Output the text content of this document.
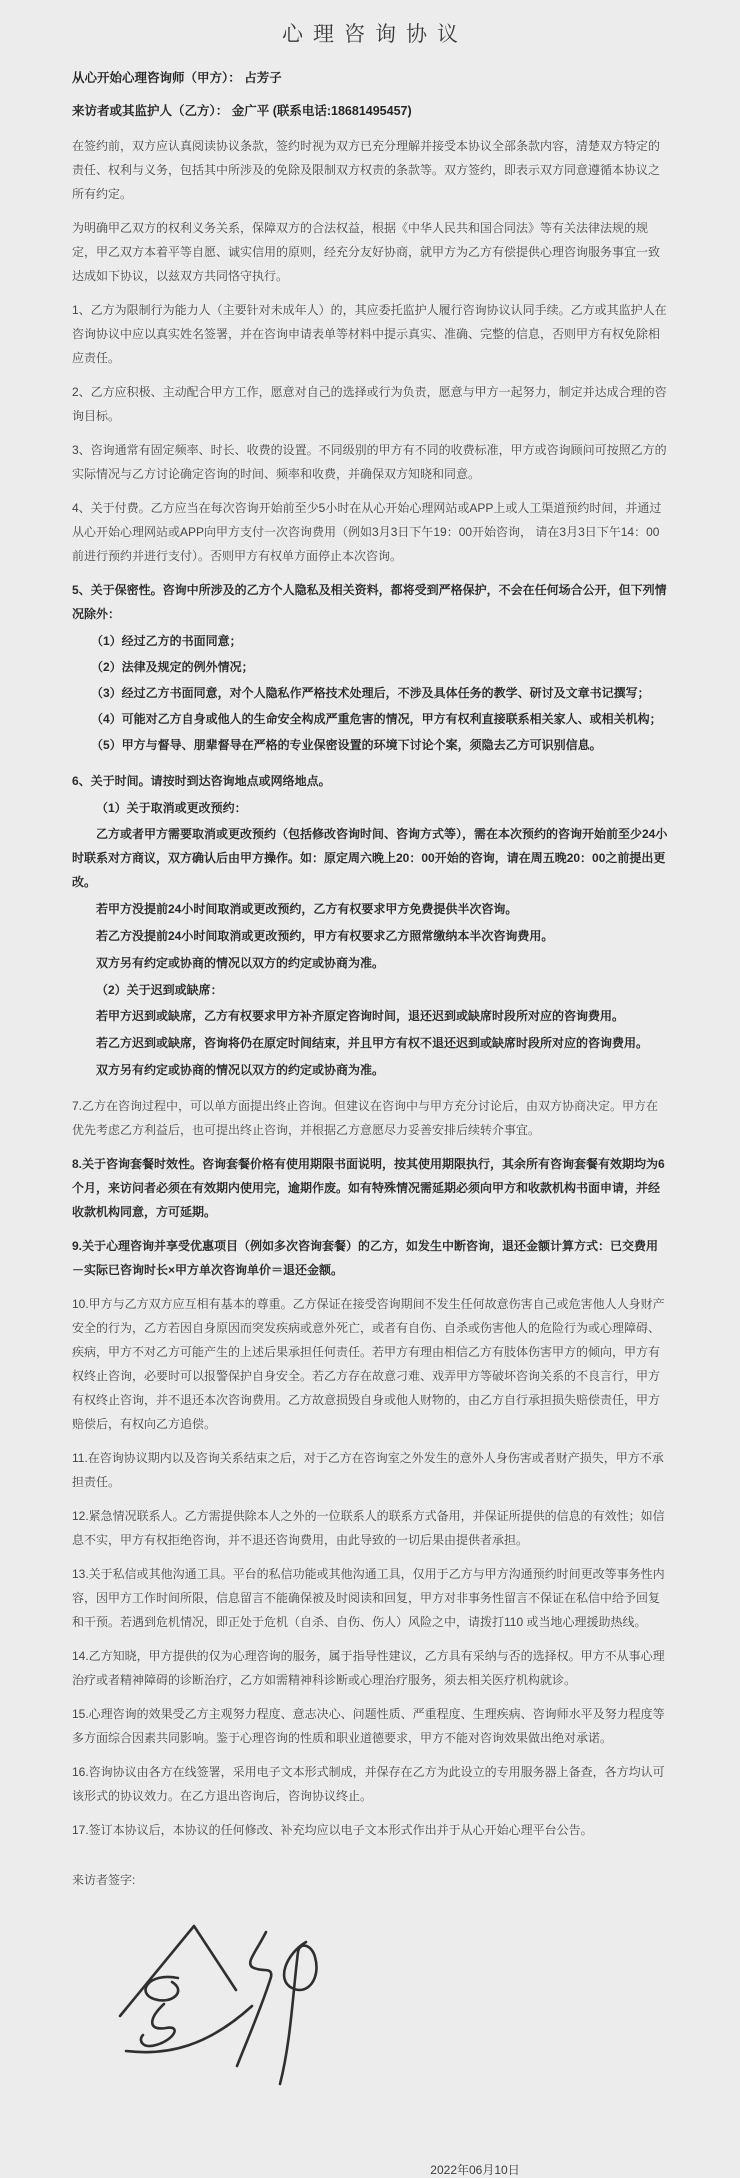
心理咨询协议

从心开始心理咨询师（甲方）： 占芳子

来访者或其监护人（乙方）： 金广平 (联系电话:18681495457)

在签约前，双方应认真阅读协议条款，签约时视为双方已充分理解并接受本协议全部条款内容，清楚双方特定的责任、权利与义务，包括其中所涉及的免除及限制双方权责的条款等。双方签约，即表示双方同意遵循本协议之所有约定。

为明确甲乙双方的权利义务关系，保障双方的合法权益，根据《中华人民共和国合同法》等有关法律法规的规定，甲乙双方本着平等自愿、诚实信用的原则，经充分友好协商，就甲方为乙方有偿提供心理咨询服务事宜一致达成如下协议，以兹双方共同恪守执行。

1、乙方为限制行为能力人（主要针对未成年人）的，其应委托监护人履行咨询协议认同手续。乙方或其监护人在咨询协议中应以真实姓名签署，并在咨询申请表单等材料中提示真实、准确、完整的信息，否则甲方有权免除相应责任。

2、乙方应积极、主动配合甲方工作，愿意对自己的选择或行为负责，愿意与甲方一起努力，制定并达成合理的咨询目标。

3、咨询通常有固定频率、时长、收费的设置。不同级别的甲方有不同的收费标准，甲方或咨询顾问可按照乙方的实际情况与乙方讨论确定咨询的时间、频率和收费，并确保双方知晓和同意。

4、关于付费。乙方应当在每次咨询开始前至少5小时在从心开始心理网站或APP上或人工渠道预约时间，并通过从心开始心理网站或APP向甲方支付一次咨询费用（例如3月3日下午19：00开始咨询， 请在3月3日下午14：00前进行预约并进行支付）。否则甲方有权单方面停止本次咨询。

5、关于保密性。咨询中所涉及的乙方个人隐私及相关资料，都将受到严格保护，不会在任何场合公开，但下列情况除外：

（1）经过乙方的书面同意；

（2）法律及规定的例外情况；

（3）经过乙方书面同意，对个人隐私作严格技术处理后，不涉及具体任务的教学、研讨及文章书记撰写；

（4）可能对乙方自身或他人的生命安全构成严重危害的情况，甲方有权利直接联系相关家人、或相关机构；

（5）甲方与督导、朋辈督导在严格的专业保密设置的环境下讨论个案，须隐去乙方可识别信息。

6、关于时间。请按时到达咨询地点或网络地点。

（1）关于取消或更改预约：

乙方或者甲方需要取消或更改预约（包括修改咨询时间、咨询方式等），需在本次预约的咨询开始前至少24小时联系对方商议，双方确认后由甲方操作。如：原定周六晚上20：00开始的咨询，请在周五晚20：00之前提出更改。

若甲方没提前24小时间取消或更改预约，乙方有权要求甲方免费提供半次咨询。

若乙方没提前24小时间取消或更改预约，甲方有权要求乙方照常缴纳本半次咨询费用。

双方另有约定或协商的情况以双方的约定或协商为准。

（2）关于迟到或缺席：

若甲方迟到或缺席，乙方有权要求甲方补齐原定咨询时间，退还迟到或缺席时段所对应的咨询费用。

若乙方迟到或缺席，咨询将仍在原定时间结束，并且甲方有权不退还迟到或缺席时段所对应的咨询费用。

双方另有约定或协商的情况以双方的约定或协商为准。

7.乙方在咨询过程中，可以单方面提出终止咨询。但建议在咨询中与甲方充分讨论后，由双方协商决定。甲方在优先考虑乙方利益后，也可提出终止咨询，并根据乙方意愿尽力妥善安排后续转介事宜。

8.关于咨询套餐时效性。咨询套餐价格有使用期限书面说明，按其使用期限执行，其余所有咨询套餐有效期均为6个月，来访问者必须在有效期内使用完，逾期作废。如有特殊情况需延期必须向甲方和收款机构书面申请，并经收款机构同意，方可延期。

9.关于心理咨询并享受优惠项目（例如多次咨询套餐）的乙方，如发生中断咨询，退还金额计算方式：已交费用－实际已咨询时长×甲方单次咨询单价＝退还金额。

10.甲方与乙方双方应互相有基本的尊重。乙方保证在接受咨询期间不发生任何故意伤害自己或危害他人人身财产安全的行为，乙方若因自身原因而突发疾病或意外死亡，或者有自伤、自杀或伤害他人的危险行为或心理障碍、疾病，甲方不对乙方可能产生的上述后果承担任何责任。若甲方有理由相信乙方有肢体伤害甲方的倾向，甲方有权终止咨询，必要时可以报警保护自身安全。若乙方存在故意刁难、戏弄甲方等破坏咨询关系的不良言行，甲方有权终止咨询，并不退还本次咨询费用。乙方故意损毁自身或他人财物的，由乙方自行承担损失赔偿责任，甲方赔偿后，有权向乙方追偿。

11.在咨询协议期内以及咨询关系结束之后，对于乙方在咨询室之外发生的意外人身伤害或者财产损失，甲方不承担责任。

12.紧急情况联系人。乙方需提供除本人之外的一位联系人的联系方式备用，并保证所提供的信息的有效性；如信息不实，甲方有权拒绝咨询，并不退还咨询费用，由此导致的一切后果由提供者承担。

13.关于私信或其他沟通工具。平台的私信功能或其他沟通工具，仅用于乙方与甲方沟通预约时间更改等事务性内容，因甲方工作时间所限，信息留言不能确保被及时阅读和回复，甲方对非事务性留言不保证在私信中给予回复和干预。若遇到危机情况，即正处于危机（自杀、自伤、伤人）风险之中，请拨打110 或当地心理援助热线。

14.乙方知晓，甲方提供的仅为心理咨询的服务，属于指导性建议，乙方具有采纳与否的选择权。甲方不从事心理治疗或者精神障碍的诊断治疗，乙方如需精神科诊断或心理治疗服务，须去相关医疗机构就诊。

15.心理咨询的效果受乙方主观努力程度、意志决心、问题性质、严重程度、生理疾病、咨询师水平及努力程度等多方面综合因素共同影响。鉴于心理咨询的性质和职业道德要求，甲方不能对咨询效果做出绝对承诺。

16.咨询协议由各方在线签署，采用电子文本形式制成，并保存在乙方为此设立的专用服务器上备查，各方均认可该形式的协议效力。在乙方退出咨询后，咨询协议终止。

17.签订本协议后，本协议的任何修改、补充均应以电子文本形式作出并于从心开始心理平台公告。

来访者签字:

2022年06月10日
